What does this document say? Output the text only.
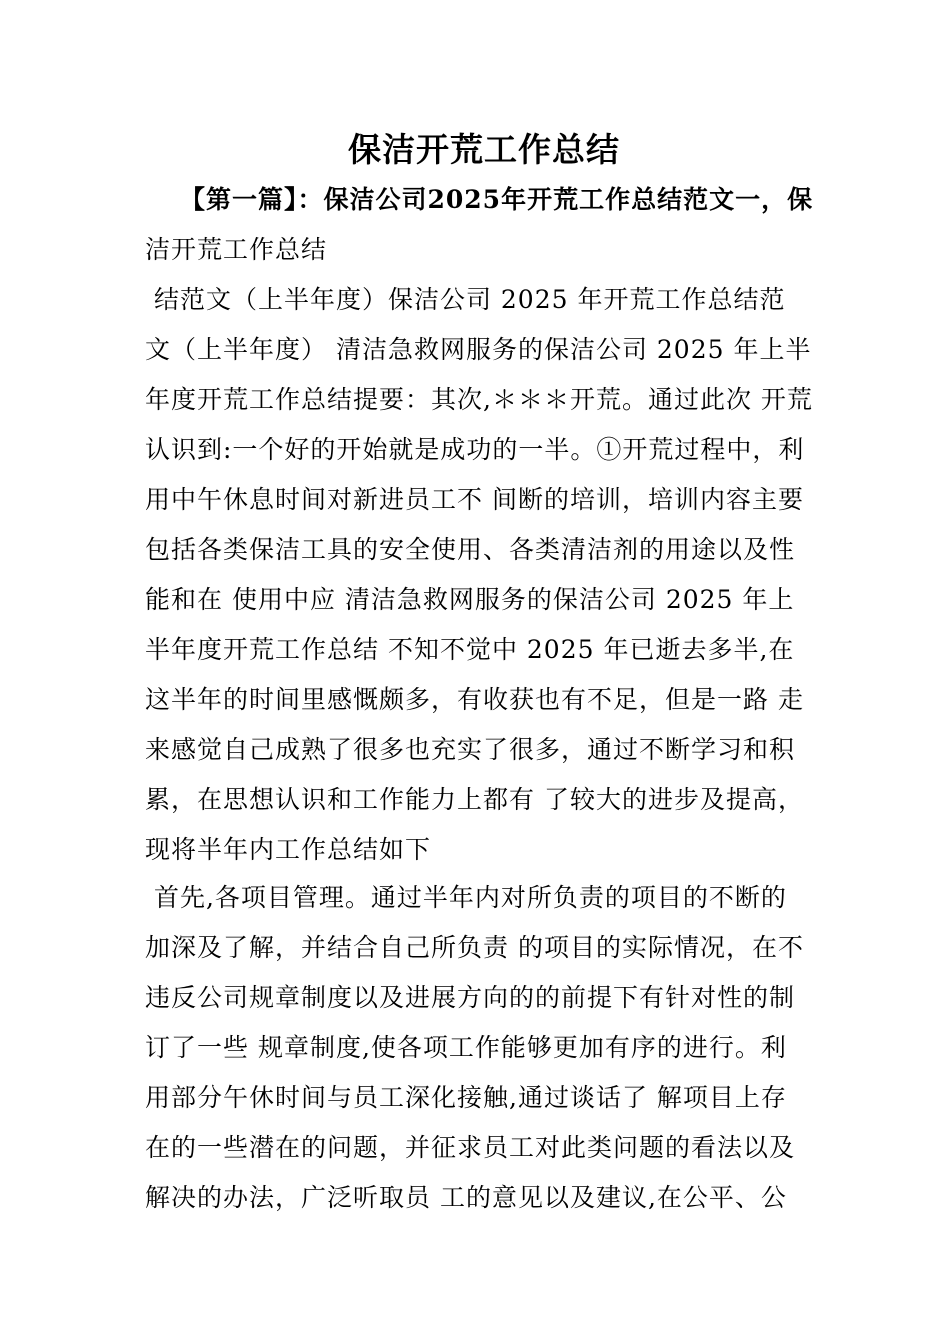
保洁开荒工作总结
【第一篇】：保洁公司2025年开荒工作总结范文一，保
洁开荒工作总结
结范文（上半年度）保洁公司 2025 年开荒工作总结范
文（上半年度） 清洁急救网服务的保洁公司 2025 年上半
年度开荒工作总结提要：其次,＊＊＊开荒。通过此次 开荒
认识到:一个好的开始就是成功的一半。①开荒过程中，利
用中午休息时间对新进员工不 间断的培训，培训内容主要
包括各类保洁工具的安全使用、各类清洁剂的用途以及性
能和在 使用中应 清洁急救网服务的保洁公司 2025 年上
半年度开荒工作总结 不知不觉中 2025 年已逝去多半,在
这半年的时间里感慨颇多，有收获也有不足，但是一路 走
来感觉自己成熟了很多也充实了很多，通过不断学习和积
累，在思想认识和工作能力上都有 了较大的进步及提高，
现将半年内工作总结如下
首先,各项目管理。通过半年内对所负责的项目的不断的
加深及了解，并结合自己所负责 的项目的实际情况，在不
违反公司规章制度以及进展方向的的前提下有针对性的制
订了一些 规章制度,使各项工作能够更加有序的进行。利
用部分午休时间与员工深化接触,通过谈话了 解项目上存
在的一些潜在的问题，并征求员工对此类问题的看法以及
解决的办法，广泛听取员 工的意见以及建议,在公平、公
